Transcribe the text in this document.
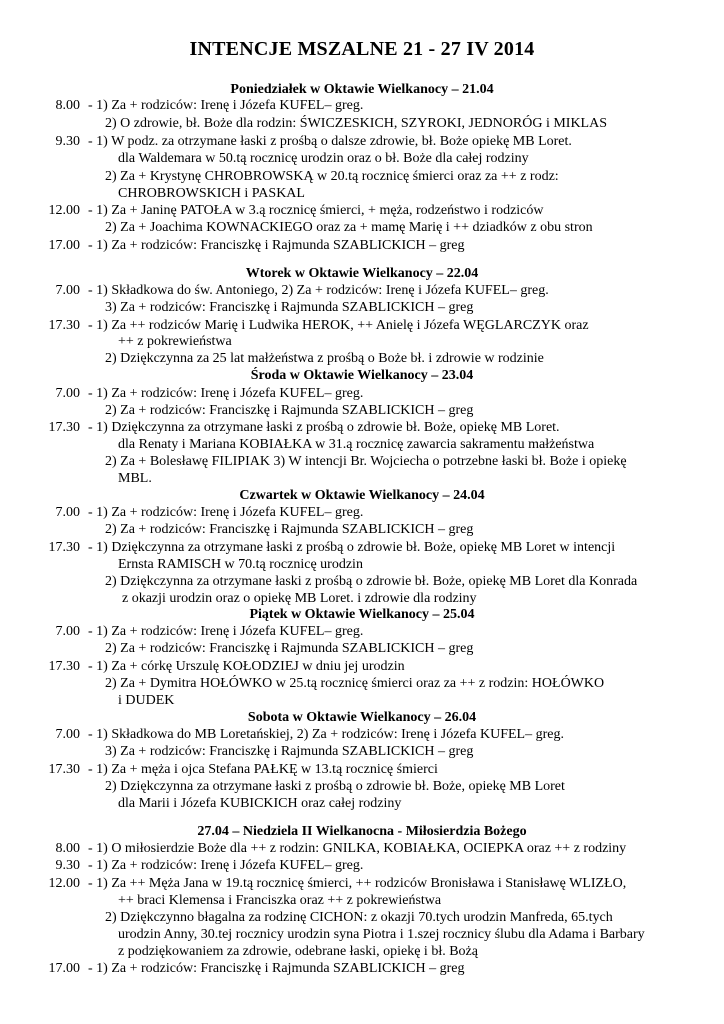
INTENCJE MSZALNE 21 - 27 IV 2014
Poniedziałek w Oktawie Wielkanocy – 21.04
8.00 - 1) Za + rodziców: Irenę i Józefa KUFEL– greg.
2) O zdrowie, bł. Boże dla rodzin: ŚWICZESKICH, SZYROKI, JEDNORÓG i MIKLAS
9.30 - 1) W podz. za otrzymane łaski z prośbą o dalsze zdrowie, bł. Boże opiekę MB Loret.
dla Waldemara w 50.tą rocznicę urodzin oraz o bł. Boże dla całej rodziny
2) Za + Krystynę CHROBROWSKĄ w 20.tą rocznicę śmierci oraz za ++ z rodz:
CHROBROWSKICH i PASKAL
12.00 - 1) Za + Janinę PATOŁA w 3.ą rocznicę śmierci, + męża, rodzeństwo i rodziców
2) Za + Joachima KOWNACKIEGO oraz za + mamę Marię i ++ dziadków z obu stron
17.00 - 1) Za + rodziców: Franciszkę i Rajmunda SZABLICKICH – greg
Wtorek w Oktawie Wielkanocy – 22.04
7.00 - 1) Składkowa do św. Antoniego, 2) Za + rodziców: Irenę i Józefa KUFEL– greg.
3) Za + rodziców: Franciszkę i Rajmunda SZABLICKICH – greg
17.30 - 1) Za ++ rodziców Marię i Ludwika HEROK, ++ Anielę i Józefa WĘGLARCZYK oraz
++ z pokrewieństwa
2) Dziękczynna za 25 lat małżeństwa z prośbą o Boże bł. i zdrowie w rodzinie
Środa w Oktawie Wielkanocy – 23.04
7.00 - 1) Za + rodziców: Irenę i Józefa KUFEL– greg.
2) Za + rodziców: Franciszkę i Rajmunda SZABLICKICH – greg
17.30 - 1) Dziękczynna za otrzymane łaski z prośbą o zdrowie bł. Boże, opiekę MB Loret.
dla Renaty i Mariana KOBIAŁKA w 31.ą rocznicę zawarcia sakramentu małżeństwa
2) Za + Bolesławę FILIPIAK 3) W intencji Br. Wojciecha o potrzebne łaski bł. Boże i opiekę
MBL.
Czwartek w Oktawie Wielkanocy – 24.04
7.00 - 1) Za + rodziców: Irenę i Józefa KUFEL– greg.
2) Za + rodziców: Franciszkę i Rajmunda SZABLICKICH – greg
17.30 - 1) Dziękczynna za otrzymane łaski z prośbą o zdrowie bł. Boże, opiekę MB Loret w intencji
Ernsta RAMISCH w 70.tą rocznicę urodzin
2) Dziękczynna za otrzymane łaski z prośbą o zdrowie bł. Boże, opiekę MB Loret dla Konrada
z okazji urodzin oraz o opiekę MB Loret. i zdrowie dla rodziny
Piątek w Oktawie Wielkanocy – 25.04
7.00 - 1) Za + rodziców: Irenę i Józefa KUFEL– greg.
2) Za + rodziców: Franciszkę i Rajmunda SZABLICKICH – greg
17.30 - 1) Za + córkę Urszulę KOŁODZIEJ w dniu jej urodzin
2) Za + Dymitra HOŁÓWKO w 25.tą rocznicę śmierci oraz za ++ z rodzin: HOŁÓWKO
i DUDEK
Sobota w Oktawie Wielkanocy – 26.04
7.00 - 1) Składkowa do MB Loretańskiej, 2) Za + rodziców: Irenę i Józefa KUFEL– greg.
3) Za + rodziców: Franciszkę i Rajmunda SZABLICKICH – greg
17.30 - 1) Za + męża i ojca Stefana PAŁKĘ w 13.tą rocznicę śmierci
2) Dziękczynna za otrzymane łaski z prośbą o zdrowie bł. Boże, opiekę MB Loret
dla Marii i Józefa KUBICKICH oraz całej rodziny
27.04 – Niedziela II Wielkanocna - Miłosierdzia Bożego
8.00 - 1) O miłosierdzie Boże dla ++ z rodzin: GNILKA, KOBIAŁKA, OCIEPKA oraz ++ z rodziny
9.30 - 1) Za + rodziców: Irenę i Józefa KUFEL– greg.
12.00 - 1) Za ++ Męża Jana w 19.tą rocznicę śmierci, ++ rodziców Bronisława i Stanisławę WLIZŁO,
++ braci Klemensa i Franciszka oraz ++ z pokrewieństwa
2) Dziękczynno błagalna za rodzinę CICHON: z okazji 70.tych urodzin Manfreda, 65.tych
urodzin Anny, 30.tej rocznicy urodzin syna Piotra i 1.szej rocznicy ślubu dla Adama i Barbary
z podziękowaniem za zdrowie, odebrane łaski, opiekę i bł. Bożą
17.00 - 1) Za + rodziców: Franciszkę i Rajmunda SZABLICKICH – greg
